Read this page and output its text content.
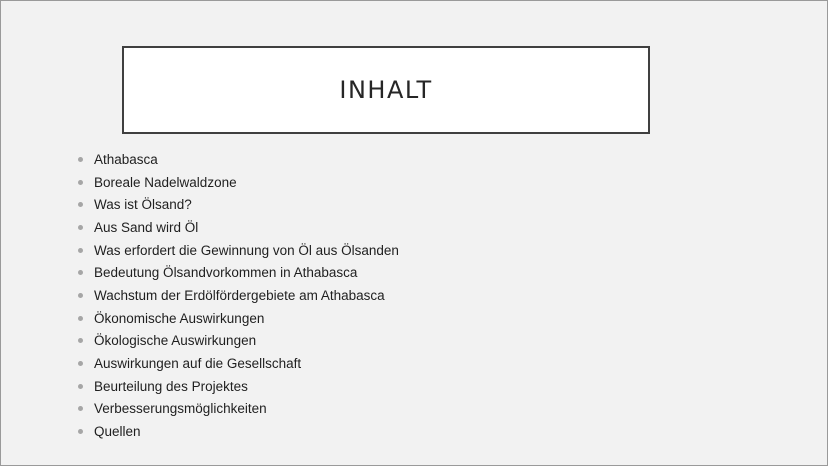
INHALT
Athabasca
Boreale Nadelwaldzone
Was ist Ölsand?
Aus Sand wird Öl
Was erfordert die Gewinnung von Öl aus Ölsanden
Bedeutung Ölsandvorkommen in Athabasca
Wachstum der Erdölfördergebiete am Athabasca
Ökonomische Auswirkungen
Ökologische Auswirkungen
Auswirkungen auf die Gesellschaft
Beurteilung des Projektes
Verbesserungsmöglichkeiten
Quellen
